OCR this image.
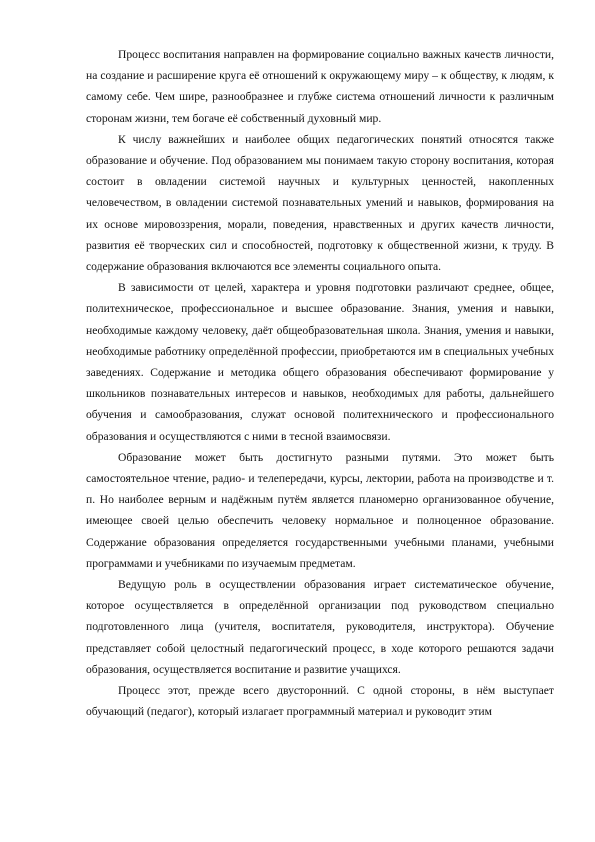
Процесс воспитания направлен на формирование социально важных качеств личности, на создание и расширение круга её отношений к окружающему миру – к обществу, к людям, к самому себе. Чем шире, разнообразнее и глубже система отношений личности к различным сторонам жизни, тем богаче её собственный духовный мир.

К числу важнейших и наиболее общих педагогических понятий относятся также образование и обучение. Под образованием мы понимаем такую сторону воспитания, которая состоит в овладении системой научных и культурных ценностей, накопленных человечеством, в овладении системой познавательных умений и навыков, формирования на их основе мировоззрения, морали, поведения, нравственных и других качеств личности, развития её творческих сил и способностей, подготовку к общественной жизни, к труду. В содержание образования включаются все элементы социального опыта.

В зависимости от целей, характера и уровня подготовки различают среднее, общее, политехническое, профессиональное и высшее образование. Знания, умения и навыки, необходимые каждому человеку, даёт общеобразовательная школа. Знания, умения и навыки, необходимые работнику определённой профессии, приобретаются им в специальных учебных заведениях. Содержание и методика общего образования обеспечивают формирование у школьников познавательных интересов и навыков, необходимых для работы, дальнейшего обучения и самообразования, служат основой политехнического и профессионального образования и осуществляются с ними в тесной взаимосвязи.

Образование может быть достигнуто разными путями. Это может быть самостоятельное чтение, радио- и телепередачи, курсы, лектории, работа на производстве и т. п. Но наиболее верным и надёжным путём является планомерно организованное обучение, имеющее своей целью обеспечить человеку нормальное и полноценное образование. Содержание образования определяется государственными учебными планами, учебными программами и учебниками по изучаемым предметам.

Ведущую роль в осуществлении образования играет систематическое обучение, которое осуществляется в определённой организации под руководством специально подготовленного лица (учителя, воспитателя, руководителя, инструктора). Обучение представляет собой целостный педагогический процесс, в ходе которого решаются задачи образования, осуществляется воспитание и развитие учащихся.

Процесс этот, прежде всего двусторонний. С одной стороны, в нём выступает обучающий (педагог), который излагает программный материал и руководит этим
